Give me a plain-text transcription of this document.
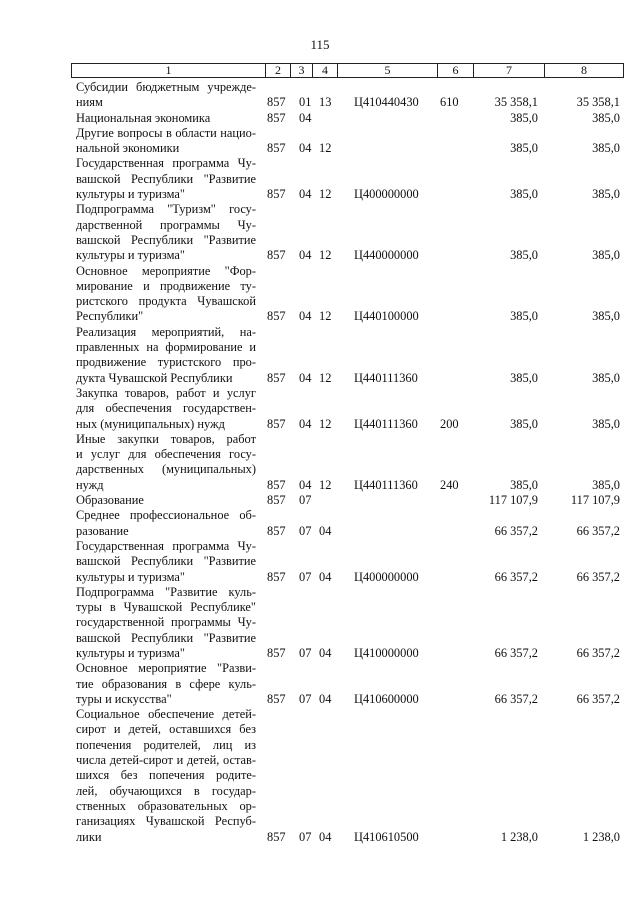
115
1	2	3	4	5	6	7	8
Субсидии бюджетным учрежде-
ниям	857 01 13 Ц410440430 610	35 358,1	35 358,1
Национальная экономика	857 04	385,0	385,0
Другие вопросы в области нацио-
нальной экономики	857 04 12	385,0	385,0
Государственная программа Чу-
вашской Республики "Развитие
культуры и туризма"	857 04 12 Ц400000000	385,0	385,0
Подпрограмма "Туризм" госу-
дарственной программы Чу-
вашской Республики "Развитие
культуры и туризма"	857 04 12 Ц440000000	385,0	385,0
Основное мероприятие "Фор-
мирование и продвижение ту-
ристского продукта Чувашской
Республики"	857 04 12 Ц440100000	385,0	385,0
Реализация мероприятий, на-
правленных на формирование и
продвижение туристского про-
дукта Чувашской Республики	857 04 12 Ц440111360	385,0	385,0
Закупка товаров, работ и услуг
для обеспечения государствен-
ных (муниципальных) нужд	857 04 12 Ц440111360 200	385,0	385,0
Иные закупки товаров, работ
и услуг для обеспечения госу-
дарственных (муниципальных)
нужд	857 04 12 Ц440111360 240	385,0	385,0
Образование	857 07	117 107,9	117 107,9
Среднее профессиональное об-
разование	857 07 04	66 357,2	66 357,2
Государственная программа Чу-
вашской Республики "Развитие
культуры и туризма"	857 07 04 Ц400000000	66 357,2	66 357,2
Подпрограмма "Развитие куль-
туры в Чувашской Республике"
государственной программы Чу-
вашской Республики "Развитие
культуры и туризма"	857 07 04 Ц410000000	66 357,2	66 357,2
Основное мероприятие "Разви-
тие образования в сфере куль-
туры и искусства"	857 07 04 Ц410600000	66 357,2	66 357,2
Социальное обеспечение детей-
сирот и детей, оставшихся без
попечения родителей, лиц из
числа детей-сирот и детей, остав-
шихся без попечения родите-
лей, обучающихся в государ-
ственных образовательных ор-
ганизациях Чувашской Респуб-
лики	857 07 04 Ц410610500	1 238,0	1 238,0
